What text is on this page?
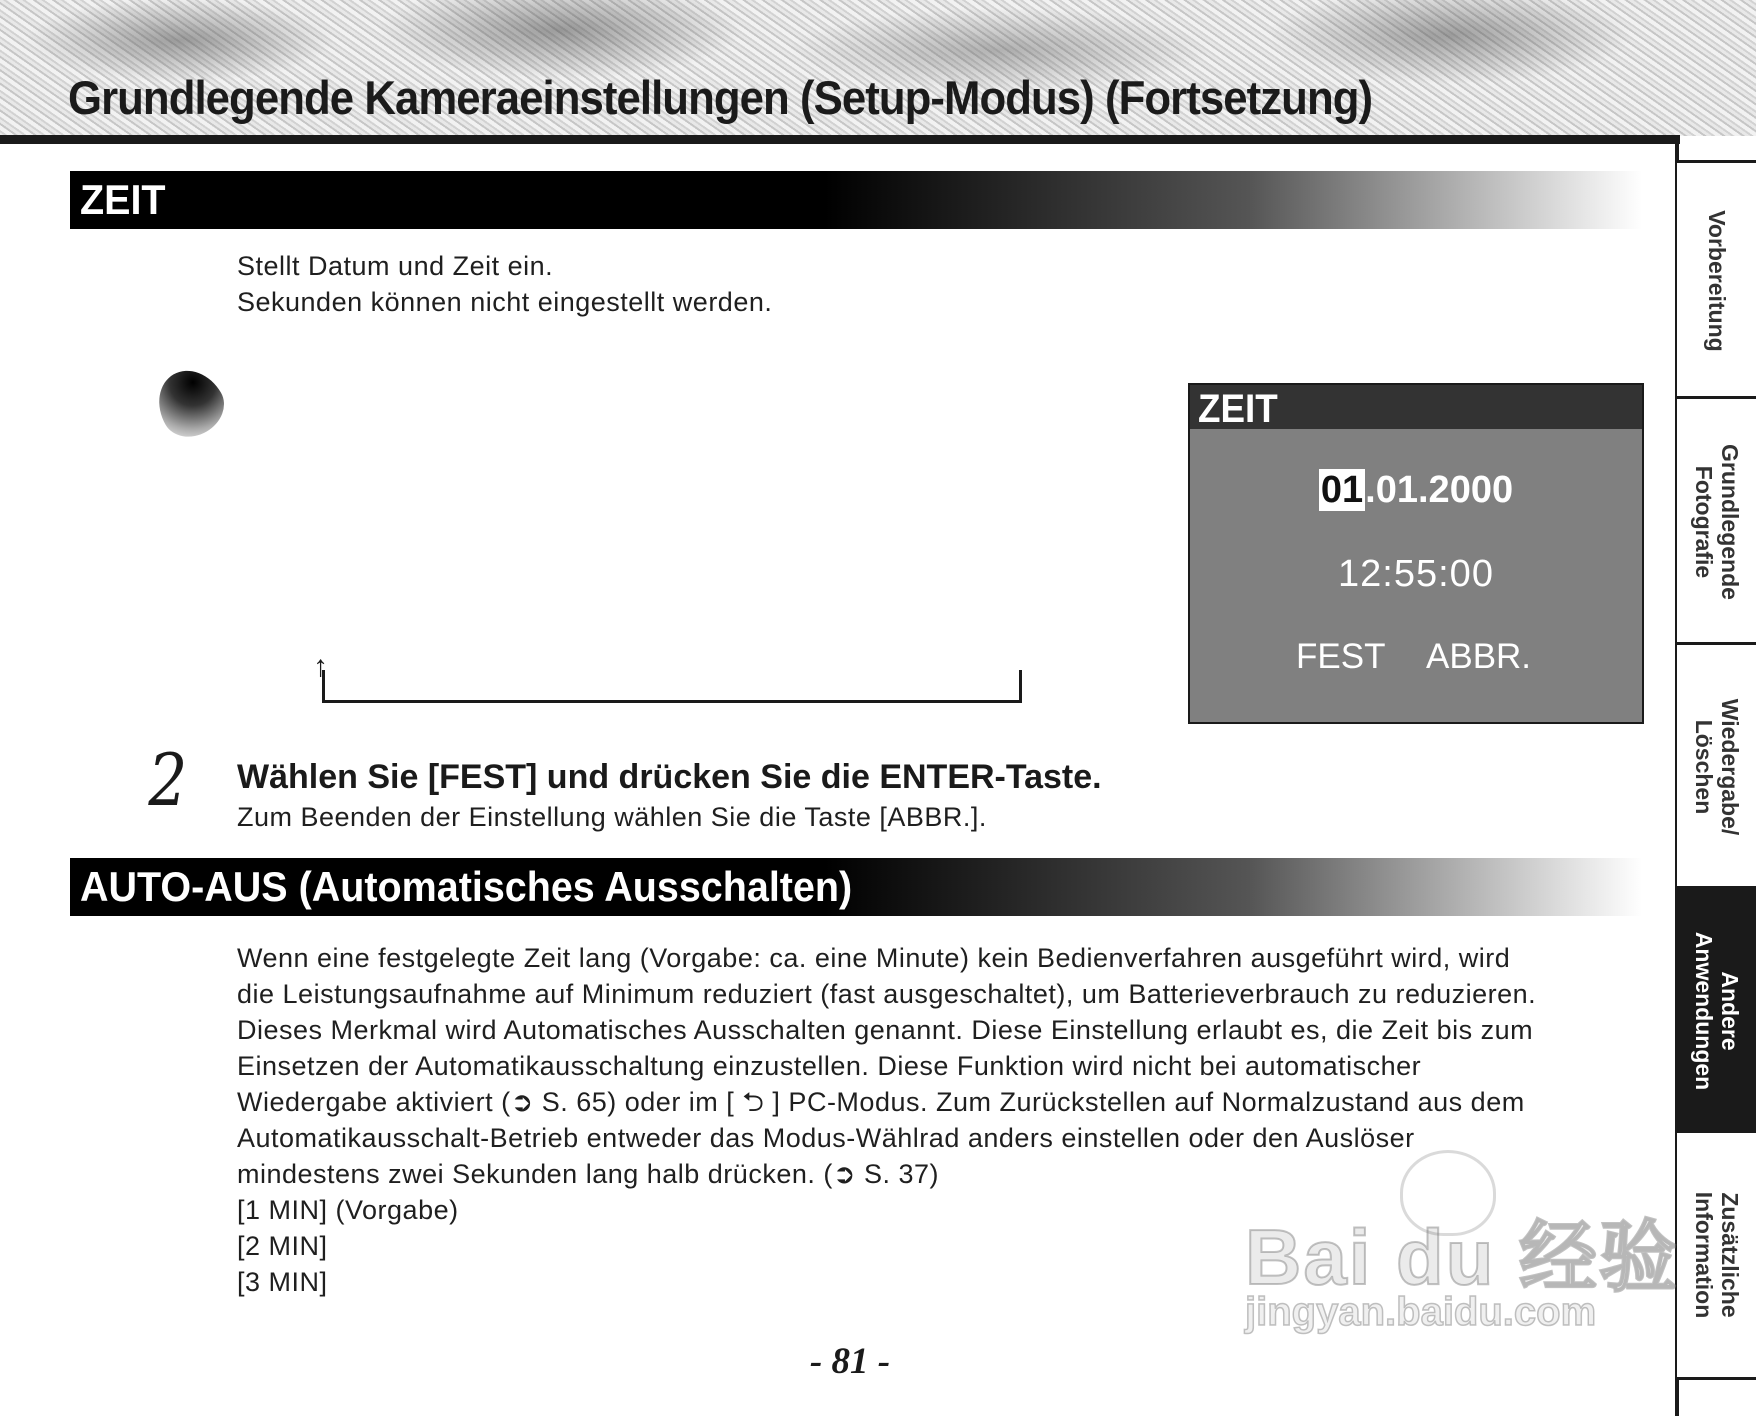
Grundlegende Kameraeinstellungen (Setup-Modus) (Fortsetzung)
ZEIT

Stellt Datum und Zeit ein.

Sekunden können nicht eingestellt werden.

↑
ZEIT
01.01.2000
12:55:00
FEST ABBR.
2 Wählen Sie [FEST] und drücken Sie die ENTER-Taste.
Zum Beenden der Einstellung wählen Sie die Taste [ABBR.].
AUTO-AUS (Automatisches Ausschalten)

Wenn eine festgelegte Zeit lang (Vorgabe: ca. eine Minute) kein Bedienverfahren ausgeführt wird, wird

die Leistungsaufnahme auf Minimum reduziert (fast ausgeschaltet), um Batterieverbrauch zu reduzieren.

Dieses Merkmal wird Automatisches Ausschalten genannt. Diese Einstellung erlaubt es, die Zeit bis zum

Einsetzen der Automatikausschaltung einzustellen. Diese Funktion wird nicht bei automatischer

Wiedergabe aktiviert (➲ S. 65) oder im [ ⮌ ] PC-Modus. Zum Zurückstellen auf Normalzustand aus dem

Automatikausschalt-Betrieb entweder das Modus-Wählrad anders einstellen oder den Auslöser

mindestens zwei Sekunden lang halb drücken. (➲ S. 37)

[1 MIN] (Vorgabe)
[2 MIN]
[3 MIN]
- 81 -
Vorbereitung
Grundlegende
Fotografie
Wiedergabe/
Löschen
Andere
Anwendungen
Zusätzliche
Information
Bai du 经验
jingyan.baidu.com
